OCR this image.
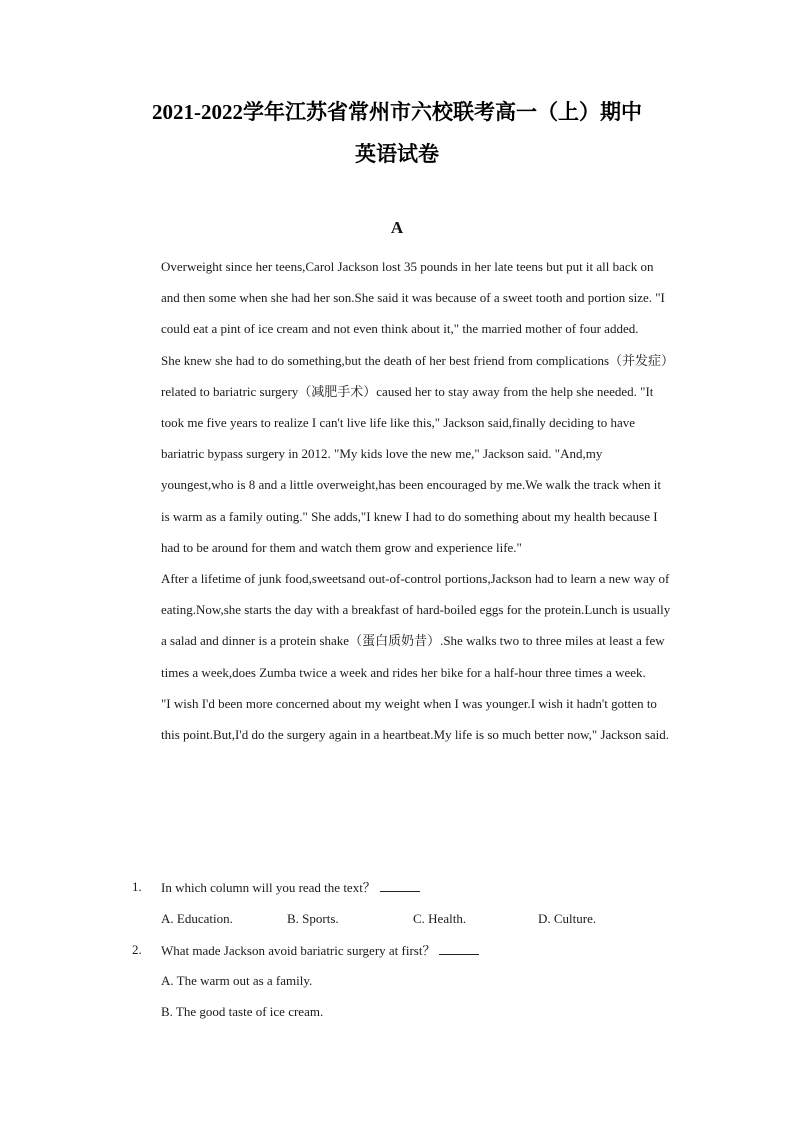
2021-2022学年江苏省常州市六校联考高一（上）期中
英语试卷
A

Overweight since her teens,Carol Jackson lost 35 pounds in her late teens but put it all back on and then some when she had her son.She said it was because of a sweet tooth and portion size. "I could eat a pint of ice cream and not even think about it," the married mother of four added.

She knew she had to do something,but the death of her best friend from complications（并发症）related to bariatric surgery（减肥手术）caused her to stay away from the help she needed. "It took me five years to realize I can't live life like this," Jackson said,finally deciding to have bariatric bypass surgery in 2012. "My kids love the new me," Jackson said. "And,my youngest,who is 8 and a little overweight,has been encouraged by me.We walk the track when it is warm as a family outing." She adds,"I knew I had to do something about my health because I had to be around for them and watch them grow and experience life."

After a lifetime of junk food,sweetsand out-of-control portions,Jackson had to learn a new way of eating.Now,she starts the day with a breakfast of hard-boiled eggs for the protein.Lunch is usually a salad and dinner is a protein shake（蛋白质奶昔）.She walks two to three miles at least a few times a week,does Zumba twice a week and rides her bike for a half-hour three times a week.

"I wish I'd been more concerned about my weight when I was younger.I wish it hadn't gotten to this point.But,I'd do the surgery again in a heartbeat.My life is so much better now," Jackson said.

1. In which column will you read the text？
A. Education.	B. Sports.	C. Health.	D. Culture.
2. What made Jackson avoid bariatric surgery at first？
A. The warm out as a family.
B. The good taste of ice cream.
